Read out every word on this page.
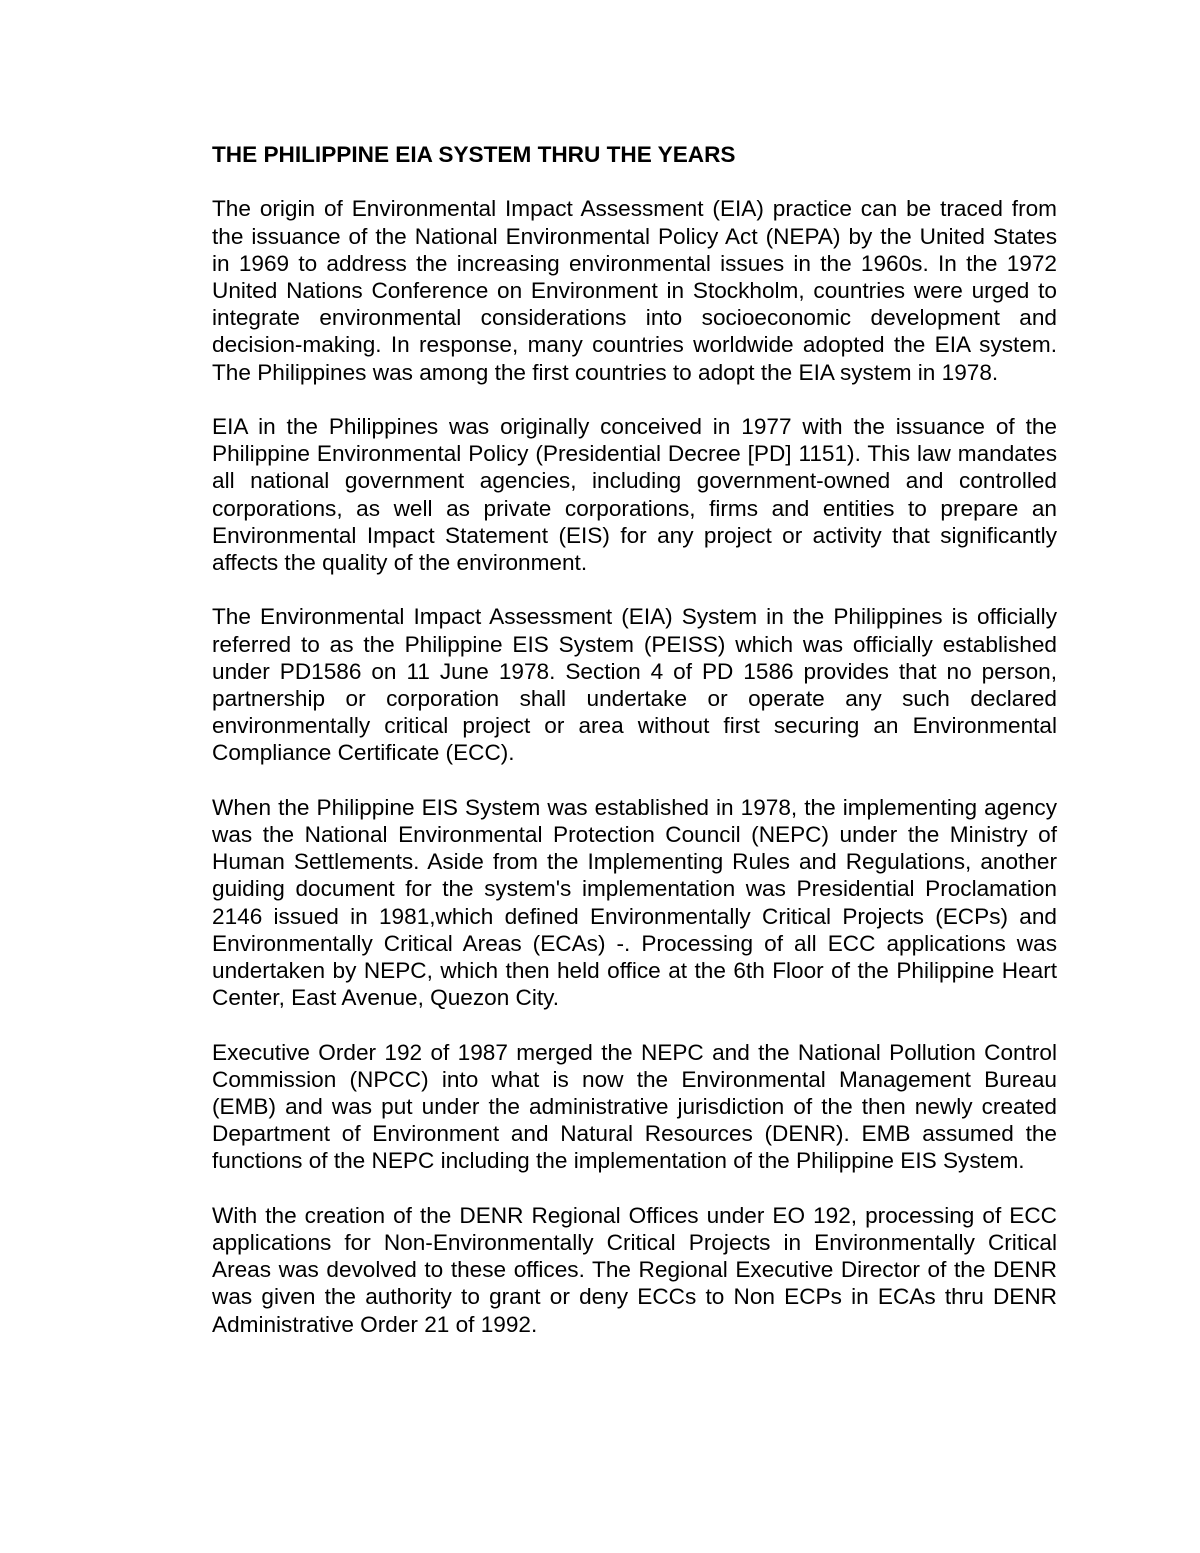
THE PHILIPPINE EIA SYSTEM THRU THE YEARS

The origin of Environmental Impact Assessment (EIA) practice can be traced from the issuance of the National Environmental Policy Act (NEPA) by the United States in 1969 to address the increasing environmental issues in the 1960s. In the 1972 United Nations Conference on Environment in Stockholm, countries were urged to integrate environmental considerations into socioeconomic development and decision-making. In response, many countries worldwide adopted the EIA system. The Philippines was among the first countries to adopt the EIA system in 1978.

EIA in the Philippines was originally conceived in 1977 with the issuance of the Philippine Environmental Policy (Presidential Decree [PD] 1151). This law mandates all national government agencies, including government-owned and controlled corporations, as well as private corporations, firms and entities to prepare an Environmental Impact Statement (EIS) for any project or activity that significantly affects the quality of the environment.

The Environmental Impact Assessment (EIA) System in the Philippines is officially referred to as the Philippine EIS System (PEISS) which was officially established under PD1586 on 11 June 1978. Section 4 of PD 1586 provides that no person, partnership or corporation shall undertake or operate any such declared environmentally critical project or area without first securing an Environmental Compliance Certificate (ECC).

When the Philippine EIS System was established in 1978, the implementing agency was the National Environmental Protection Council (NEPC) under the Ministry of Human Settlements. Aside from the Implementing Rules and Regulations, another guiding document for the system's implementation was Presidential Proclamation 2146 issued in 1981,which defined Environmentally Critical Projects (ECPs) and Environmentally Critical Areas (ECAs) -. Processing of all ECC applications was undertaken by NEPC, which then held office at the 6th Floor of the Philippine Heart Center, East Avenue, Quezon City.

Executive Order 192 of 1987 merged the NEPC and the National Pollution Control Commission (NPCC) into what is now the Environmental Management Bureau (EMB) and was put under the administrative jurisdiction of the then newly created Department of Environment and Natural Resources (DENR). EMB assumed the functions of the NEPC including the implementation of the Philippine EIS System.

With the creation of the DENR Regional Offices under EO 192, processing of ECC applications for Non-Environmentally Critical Projects in Environmentally Critical Areas was devolved to these offices. The Regional Executive Director of the DENR was given the authority to grant or deny ECCs to Non ECPs in ECAs thru DENR Administrative Order 21 of 1992.
